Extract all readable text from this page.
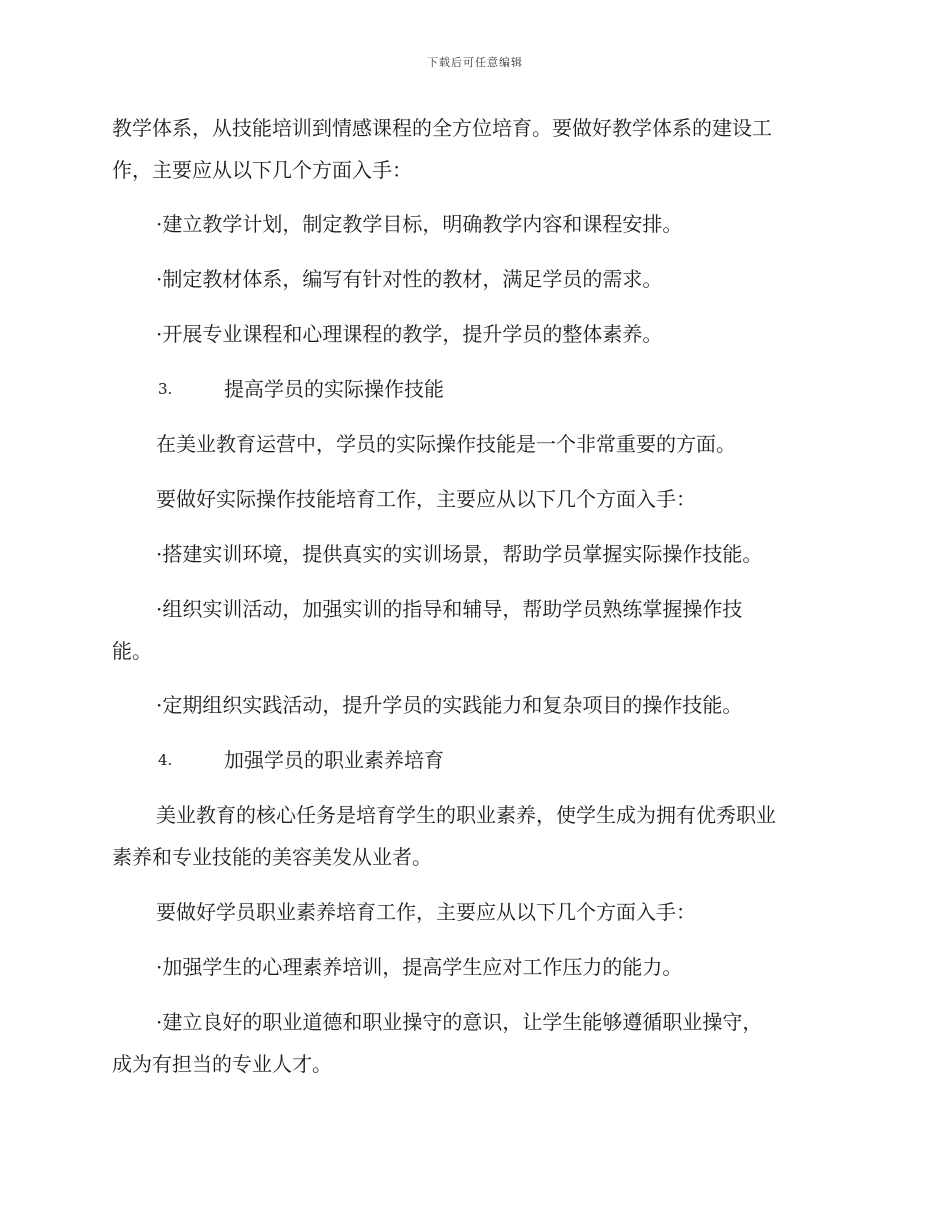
下载后可任意编辑
教学体系，从技能培训到情感课程的全方位培育。要做好教学体系的建设工
作，主要应从以下几个方面入手：
·建立教学计划，制定教学目标，明确教学内容和课程安排。
·制定教材体系，编写有针对性的教材，满足学员的需求。
·开展专业课程和心理课程的教学，提升学员的整体素养。
3.	提高学员的实际操作技能
在美业教育运营中，学员的实际操作技能是一个非常重要的方面。
要做好实际操作技能培育工作，主要应从以下几个方面入手：
·搭建实训环境，提供真实的实训场景，帮助学员掌握实际操作技能。
·组织实训活动，加强实训的指导和辅导，帮助学员熟练掌握操作技
能。
·定期组织实践活动，提升学员的实践能力和复杂项目的操作技能。
4.	加强学员的职业素养培育
美业教育的核心任务是培育学生的职业素养，使学生成为拥有优秀职业
素养和专业技能的美容美发从业者。
要做好学员职业素养培育工作，主要应从以下几个方面入手：
·加强学生的心理素养培训，提高学生应对工作压力的能力。
·建立良好的职业道德和职业操守的意识，让学生能够遵循职业操守，
成为有担当的专业人才。
